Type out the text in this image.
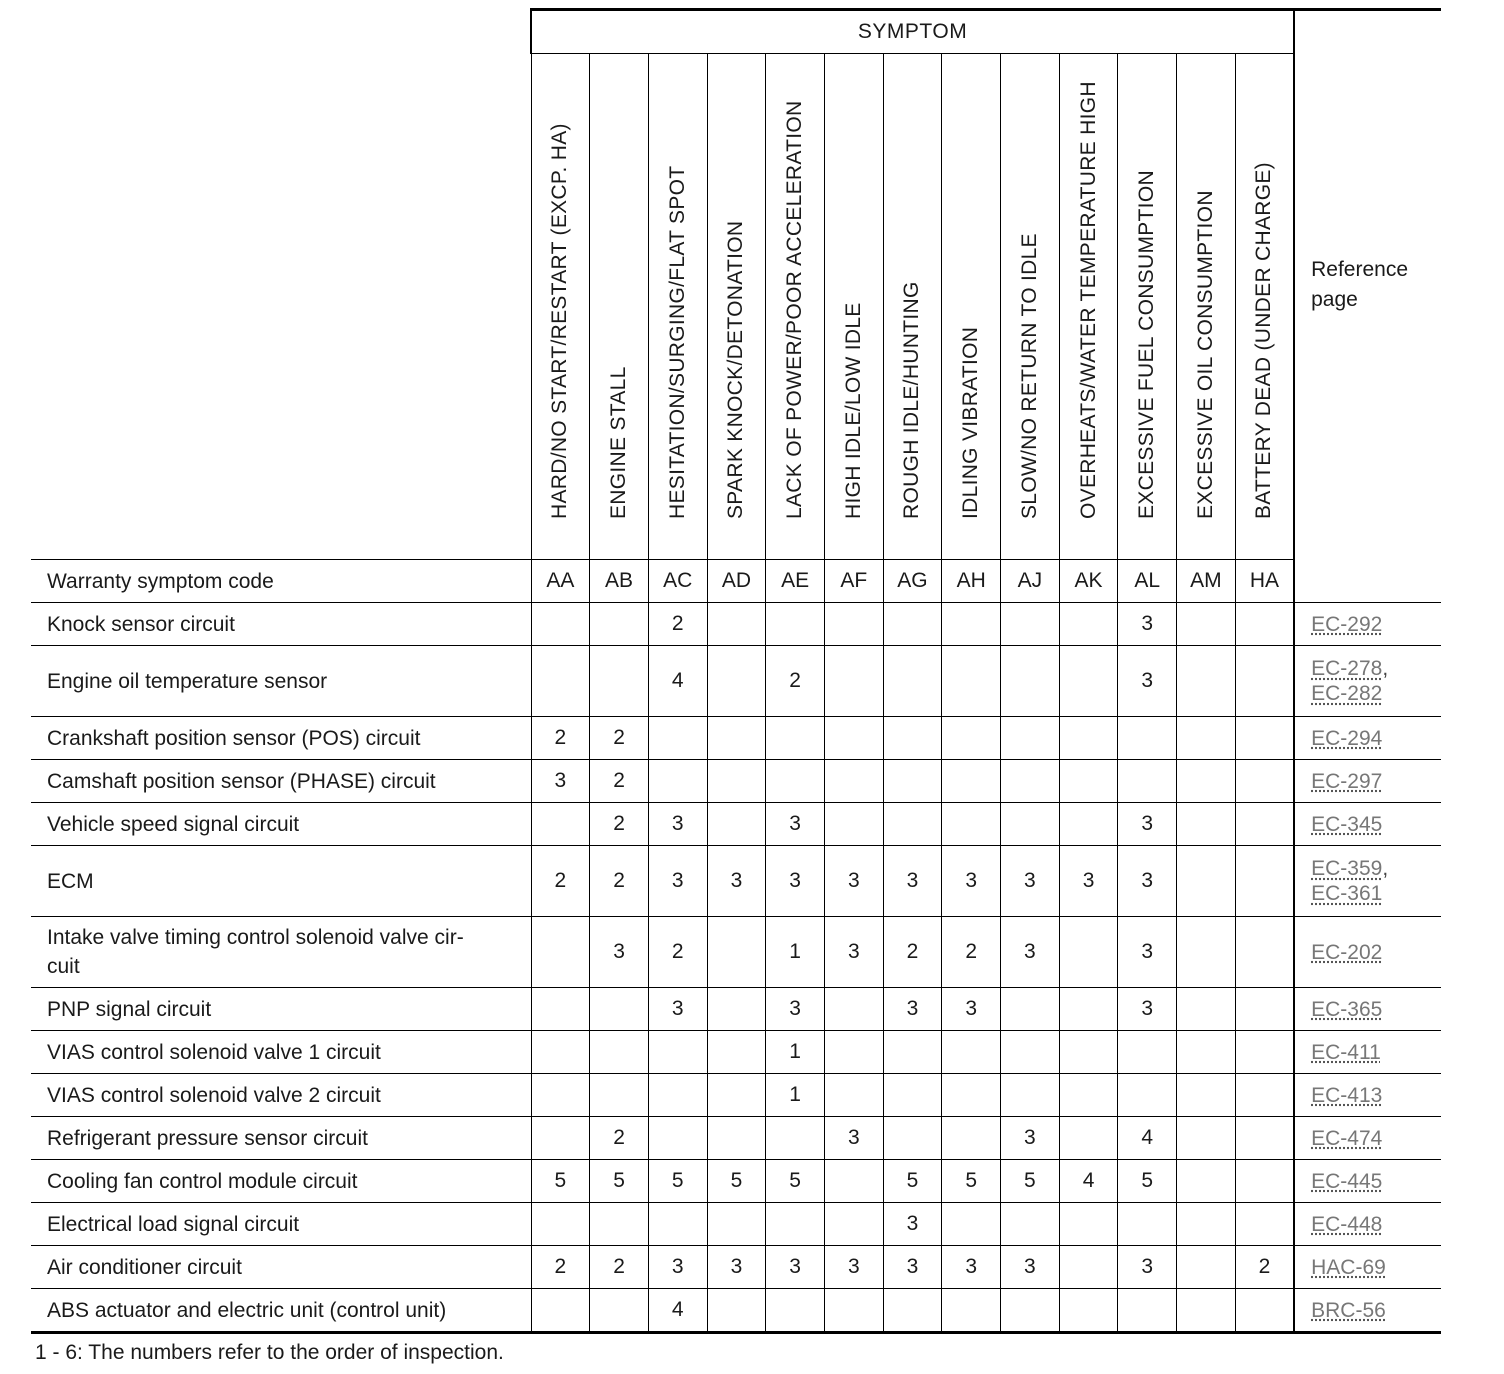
	SYMPTOM													Reference
page

	HARD/NO START/RESTART (EXCP. HA)	ENGINE STALL	HESITATION/SURGING/FLAT SPOT	SPARK KNOCK/DETONATION	LACK OF POWER/POOR ACCELERATION	HIGH IDLE/LOW IDLE	ROUGH IDLE/HUNTING	IDLING VIBRATION	SLOW/NO RETURN TO IDLE	OVERHEATS/WATER TEMPERATURE HIGH	EXCESSIVE FUEL CONSUMPTION	EXCESSIVE OIL CONSUMPTION	BATTERY DEAD (UNDER CHARGE)	

Warranty symptom code	AA	AB	AC	AD	AE	AF	AG	AH	AJ	AK	AL	AM	HA	
Knock sensor circuit			2								3			EC-292
Engine oil temperature sensor			4		2						3			EC-278,
EC-282
Crankshaft position sensor (POS) circuit	2	2												EC-294
Camshaft position sensor (PHASE) circuit	3	2												EC-297
Vehicle speed signal circuit		2	3		3						3			EC-345
ECM	2	2	3	3	3	3	3	3	3	3	3			EC-359,
EC-361
Intake valve timing control solenoid valve cir-
cuit		3	2		1	3	2	2	3		3			EC-202
PNP signal circuit			3		3		3	3			3			EC-365
VIAS control solenoid valve 1 circuit					1									EC-411
VIAS control solenoid valve 2 circuit					1									EC-413
Refrigerant pressure sensor circuit		2				3			3		4			EC-474
Cooling fan control module circuit	5	5	5	5	5		5	5	5	4	5			EC-445
Electrical load signal circuit							3							EC-448
Air conditioner circuit	2	2	3	3	3	3	3	3	3		3		2	HAC-69
ABS actuator and electric unit (control unit)			4											BRC-56
1 - 6: The numbers refer to the order of inspection.
